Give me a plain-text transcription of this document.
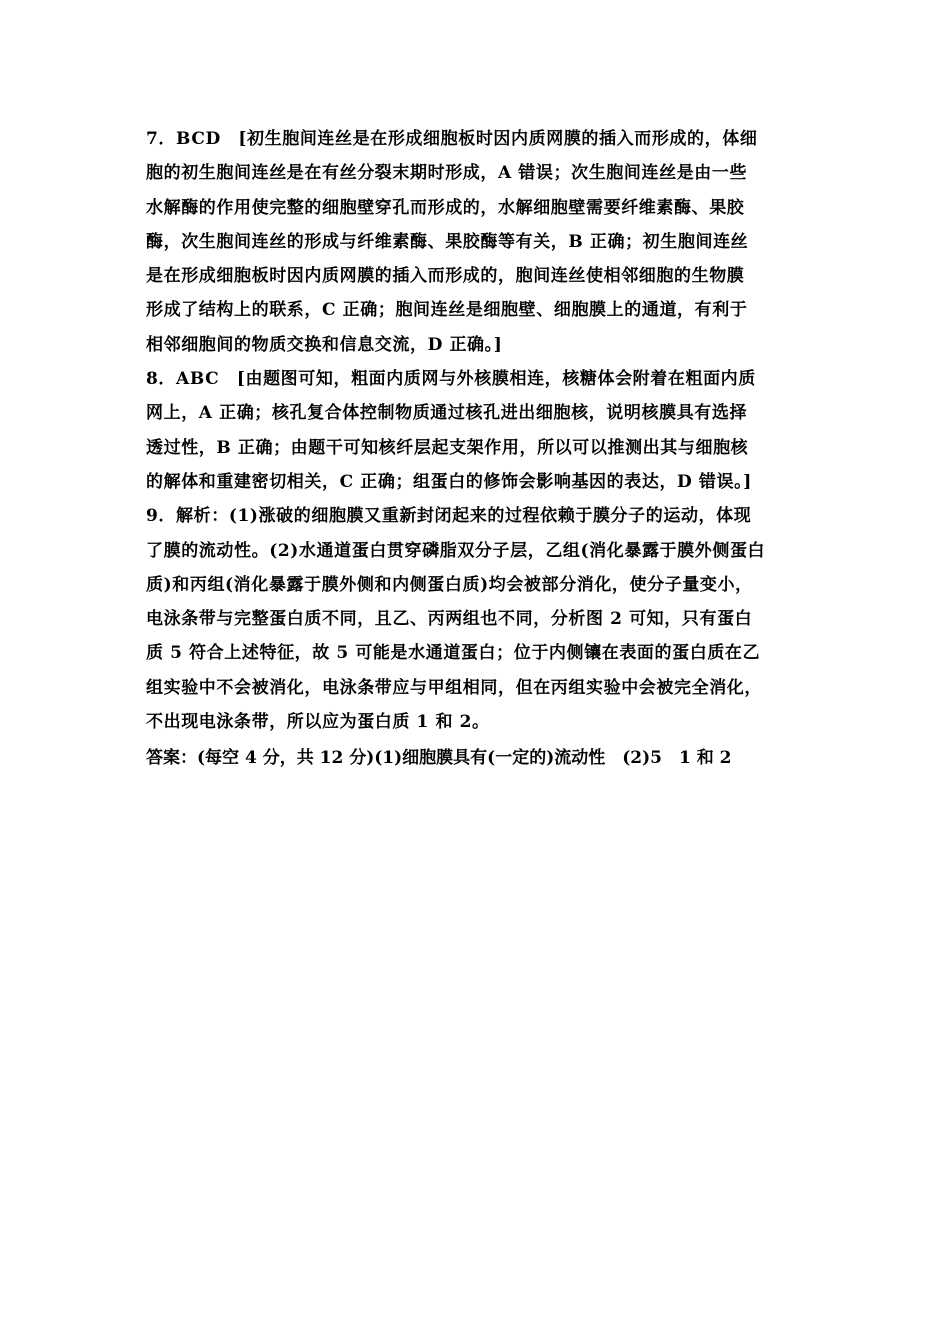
7．BCD　[初生胞间连丝是在形成细胞板时因内质网膜的插入而形成的，体细
胞的初生胞间连丝是在有丝分裂末期时形成，A 错误；次生胞间连丝是由一些
水解酶的作用使完整的细胞壁穿孔而形成的，水解细胞壁需要纤维素酶、果胶
酶，次生胞间连丝的形成与纤维素酶、果胶酶等有关，B 正确；初生胞间连丝
是在形成细胞板时因内质网膜的插入而形成的，胞间连丝使相邻细胞的生物膜
形成了结构上的联系，C 正确；胞间连丝是细胞壁、细胞膜上的通道，有利于
相邻细胞间的物质交换和信息交流，D 正确。]
8．ABC　[由题图可知，粗面内质网与外核膜相连，核糖体会附着在粗面内质
网上，A 正确；核孔复合体控制物质通过核孔进出细胞核，说明核膜具有选择
透过性，B 正确；由题干可知核纤层起支架作用，所以可以推测出其与细胞核
的解体和重建密切相关，C 正确；组蛋白的修饰会影响基因的表达，D 错误。]
9．解析：(1)涨破的细胞膜又重新封闭起来的过程依赖于膜分子的运动，体现
了膜的流动性。(2)水通道蛋白贯穿磷脂双分子层，乙组(消化暴露于膜外侧蛋白
质)和丙组(消化暴露于膜外侧和内侧蛋白质)均会被部分消化，使分子量变小，
电泳条带与完整蛋白质不同，且乙、丙两组也不同，分析图 2 可知，只有蛋白
质 5 符合上述特征，故 5 可能是水通道蛋白；位于内侧镶在表面的蛋白质在乙
组实验中不会被消化，电泳条带应与甲组相同，但在丙组实验中会被完全消化，
不出现电泳条带，所以应为蛋白质 1 和 2。
答案：(每空 4 分，共 12 分)(1)细胞膜具有(一定的)流动性　(2)5　1 和 2
